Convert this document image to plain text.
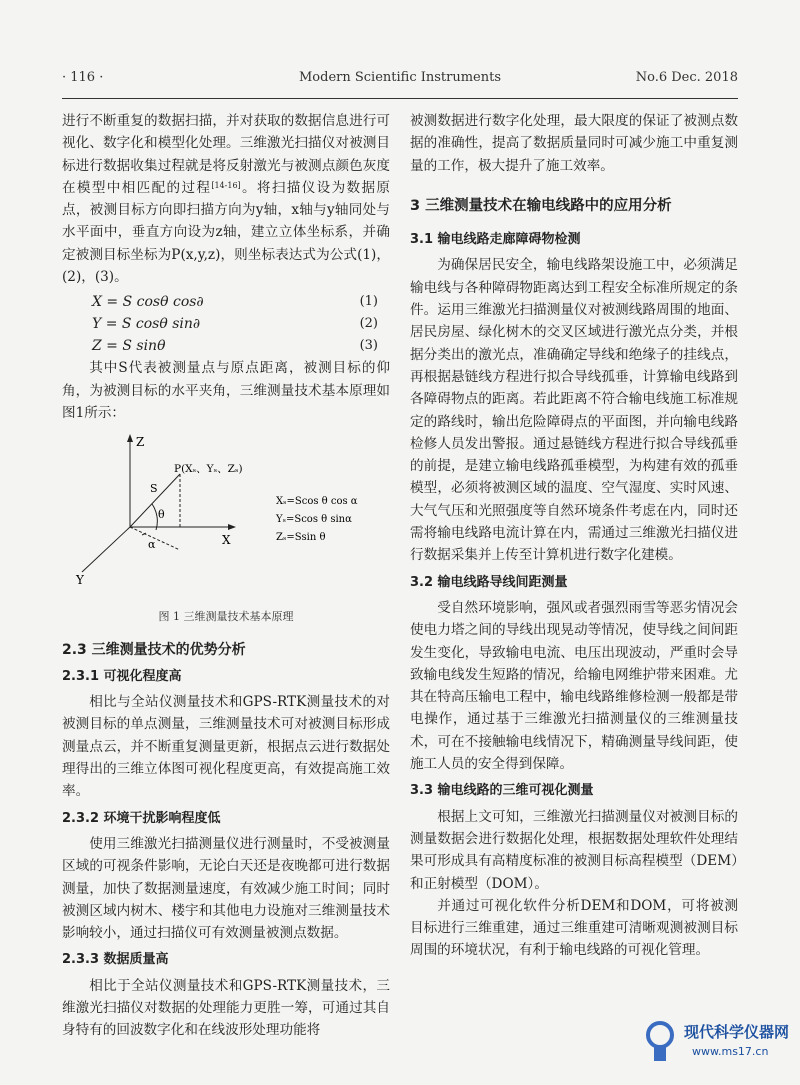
· 116 ·	Modern Scientific Instruments	No.6 Dec. 2018

进行不断重复的数据扫描，并对获取的数据信息进行可视化、数字化和模型化处理。三维激光扫描仪对被测目标进行数据收集过程就是将反射激光与被测点颜色灰度在模型中相匹配的过程[14-16]。将扫描仪设为数据原点，被测目标方向即扫描方向为y轴，x轴与y轴同处与水平面中，垂直方向设为z轴，建立立体坐标系，并确定被测目标坐标为P(x,y,z)，则坐标表达式为公式(1)，(2)，(3)。

X = S cosθ cos∂	(1)
Y = S cosθ sin∂	(2)
Z = S sinθ	(3)

其中S代表被测量点与原点距离，被测目标的仰角，为被测目标的水平夹角，三维测量技术基本原理如图1所示：

Z
X
Y
S
θ
α
P(Xₛ、Yₛ、Zₛ)
Xₛ=Scos θ cos α
Yₛ=Scos θ sinα
Zₛ=Ssin θ
图 1 三维测量技术基本原理
2.3 三维测量技术的优势分析
2.3.1 可视化程度高

相比与全站仪测量技术和GPS-RTK测量技术的对被测目标的单点测量，三维测量技术可对被测目标形成测量点云，并不断重复测量更新，根据点云进行数据处理得出的三维立体图可视化程度更高，有效提高施工效率。

2.3.2 环境干扰影响程度低

使用三维激光扫描测量仪进行测量时，不受被测量区域的可视条件影响，无论白天还是夜晚都可进行数据测量，加快了数据测量速度，有效减少施工时间；同时被测区域内树木、楼宇和其他电力设施对三维测量技术影响较小，通过扫描仪可有效测量被测点数据。

2.3.3 数据质量高

相比于全站仪测量技术和GPS-RTK测量技术，三维激光扫描仪对数据的处理能力更胜一筹，可通过其自身特有的回波数字化和在线波形处理功能将

被测数据进行数字化处理，最大限度的保证了被测点数据的准确性，提高了数据质量同时可减少施工中重复测量的工作，极大提升了施工效率。

3 三维测量技术在输电线路中的应用分析
3.1 输电线路走廊障碍物检测

为确保居民安全，输电线路架设施工中，必须满足输电线与各种障碍物距离达到工程安全标准所规定的条件。运用三维激光扫描测量仪对被测线路周围的地面、居民房屋、绿化树木的交叉区域进行激光点分类，并根据分类出的激光点，准确确定导线和绝缘子的挂线点，再根据悬链线方程进行拟合导线孤垂，计算输电线路到各障碍物点的距离。若此距离不符合输电线施工标准规定的路线时，输出危险障碍点的平面图，并向输电线路检修人员发出警报。通过悬链线方程进行拟合导线孤垂的前提，是建立输电线路孤垂模型，为构建有效的孤垂模型，必须将被测区域的温度、空气湿度、实时风速、大气气压和光照强度等自然环境条件考虑在内，同时还需将输电线路电流计算在内，需通过三维激光扫描仪进行数据采集并上传至计算机进行数字化建模。

3.2 输电线路导线间距测量

受自然环境影响，强风或者强烈雨雪等恶劣情况会使电力塔之间的导线出现晃动等情况，使导线之间间距发生变化，导致输电电流、电压出现波动，严重时会导致输电线发生短路的情况，给输电网维护带来困难。尤其在特高压输电工程中，输电线路维修检测一般都是带电操作，通过基于三维激光扫描测量仪的三维测量技术，可在不接触输电线情况下，精确测量导线间距，使施工人员的安全得到保障。

3.3 输电线路的三维可视化测量

根据上文可知，三维激光扫描测量仪对被测目标的测量数据会进行数据化处理，根据数据处理软件处理结果可形成具有高精度标准的被测目标高程模型（DEM）和正射模型（DOM）。

并通过可视化软件分析DEM和DOM，可将被测目标进行三维重建，通过三维重建可清晰观测被测目标周围的环境状况，有利于输电线路的可视化管理。

现代科学仪器网
www.ms17.cn
